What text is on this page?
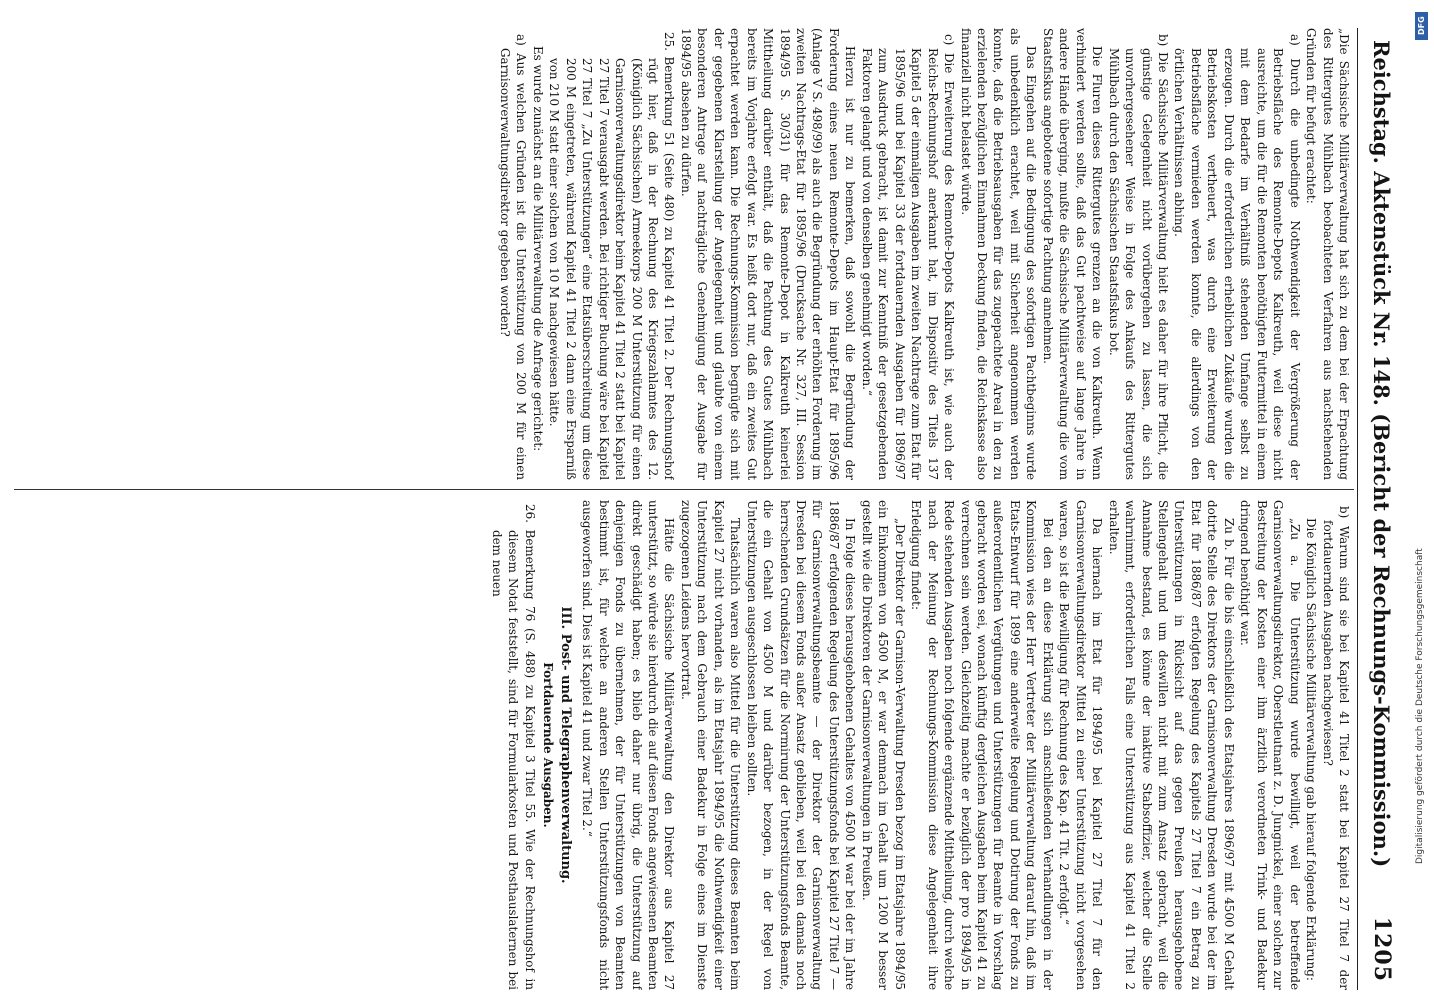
Reichstag. Aktenstück Nr. 148. (Bericht der Rechnungs-Kommission.)
1205

„Die Sächsische Militärverwaltung hat sich zu dem bei der Erpachtung des Rittergutes Mühlbach beobachteten Verfahren aus nachstehenden Gründen für befugt erachtet:

a) Durch die unbedingte Nothwendigkeit der Vergrößerung der Betriebsfläche des Remonte-Depots Kalkreuth, weil diese nicht ausreichte, um die für die Remonten benöthigten Futtermittel in einem mit dem Bedarfe im Verhältniß stehenden Umfange selbst zu erzeugen. Durch die erforderlichen erheblichen Zukäufe wurden die Betriebskosten vertheuert, was durch eine Erweiterung der Betriebsfläche vermieden werden konnte, die allerdings von den örtlichen Verhältnissen abhing.

b) Die Sächsische Militärverwaltung hielt es daher für ihre Pflicht, die günstige Gelegenheit nicht vorübergehen zu lassen, die sich unvorhergesehener Weise in Folge des Ankaufs des Rittergutes Mühlbach durch den Sächsischen Staatsfiskus bot.

Die Fluren dieses Rittergutes grenzen an die von Kalkreuth. Wenn verhindert werden sollte, daß das Gut pachtweise auf lange Jahre in andere Hände überging, mußte die Sächsische Militärverwaltung die vom Staatsfiskus angebotene sofortige Pachtung annehmen.

Das Eingehen auf die Bedingung des sofortigen Pachtbeginns wurde als unbedenklich erachtet, weil mit Sicherheit angenommen werden konnte, daß die Betriebsausgaben für das zugepachtete Areal in den zu erzielenden bezüglichen Einnahmen Deckung finden, die Reichskasse also finanziell nicht belastet würde.

c) Die Erweiterung des Remonte-Depots Kalkreuth ist, wie auch der Reichs-Rechnungshof anerkannt hat, im Dispositiv des Titels 137 Kapitel 5 der einmaligen Ausgaben im zweiten Nachtrage zum Etat für 1895/96 und bei Kapitel 33 der fortdauernden Ausgaben für 1896/97 zum Ausdruck gebracht, ist damit zur Kenntniß der gesetzgebenden Faktoren gelangt und von denselben genehmigt worden.“

Hierzu ist nur zu bemerken, daß sowohl die Begründung der Forderung eines neuen Remonte-Depots im Haupt-Etat für 1895/96 (Anlage V S. 498/99) als auch die Begründung der erhöhten Forderung im zweiten Nachtrags-Etat für 1895/96 (Drucksache Nr. 327, III. Session 1894/95 S. 30/31) für das Remonte-Depot in Kalkreuth keinerlei Mittheilung darüber enthält, daß die Pachtung des Gutes Mühlbach bereits im Vorjahre erfolgt war. Es heißt dort nur, daß ein zweites Gut erpachtet werden kann. Die Rechnungs-Kommission begnügte sich mit der gegebenen Klarstellung der Angelegenheit und glaubte von einem besonderen Antrage auf nachträgliche Genehmigung der Ausgabe für 1894/95 absehen zu dürfen.

25. Bemerkung 51 (Seite 480) zu Kapitel 41 Titel 2. Der Rechnungshof rügt hier, daß in der Rechnung des Kriegszahlamtes des 12. (Königlich Sächsischen) Armeekorps 200 M Unterstützung für einen Garnisonverwaltungsdirektor beim Kapitel 41 Titel 2 statt bei Kapitel 27 Titel 7 verausgabt werden. Bei richtiger Buchung wäre bei Kapitel 27 Titel 7 „Zu Unterstützungen“ eine Etatsüberschreitung um diese 200 M eingetreten, während Kapitel 41 Titel 2 dann eine Ersparniß von 210 M statt einer solchen von 10 M nachgewiesen hätte.

Es wurde zunächst an die Militärverwaltung die Anfrage gerichtet:

a) Aus welchen Gründen ist die Unterstützung von 200 M für einen Garnisonverwaltungsdirektor gegeben worden?

b) Warum sind sie bei Kapitel 41 Titel 2 statt bei Kapitel 27 Titel 7 der fortdauernden Ausgaben nachgewiesen?

Die Königlich Sächsische Militärverwaltung gab hierauf folgende Erklärung:

„Zu a. Die Unterstützung wurde bewilligt, weil der betreffende Garnisonverwaltungsdirektor, Oberstleutnant z. D. Jungnickel, einer solchen zur Bestreitung der Kosten einer ihm ärztlich verordneten Trink- und Badekur dringend benöthigt war.

Zu b. Für die bis einschließlich des Etatsjahres 1896/97 mit 4500 M Gehalt dotirte Stelle des Direktors der Garnisonverwaltung Dresden wurde bei der im Etat für 1886/87 erfolgten Regelung des Kapitels 27 Titel 7 ein Betrag zu Unterstützungen in Rücksicht auf das gegen Preußen herausgehobene Stellengehalt und um deswillen nicht mit zum Ansatz gebracht, weil die Annahme bestand, es könne der inaktive Stabsoffizier, welcher die Stelle wahrnimmt, erforderlichen Falls eine Unterstützung aus Kapitel 41 Titel 2 erhalten.

Da hiernach im Etat für 1894/95 bei Kapitel 27 Titel 7 für den Garnisonverwaltungsdirektor Mittel zu einer Unterstützung nicht vorgesehen waren, so ist die Bewilligung für Rechnung des Kap. 41 Tit. 2 erfolgt.“

Bei den an diese Erklärung sich anschließenden Verhandlungen in der Kommission wies der Herr Vertreter der Militärverwaltung darauf hin, daß im Etats-Entwurf für 1899 eine anderweite Regelung und Dotirung der Fonds zu außerordentlichen Vergütungen und Unterstützungen für Beamte in Vorschlag gebracht worden sei, wonach künftig dergleichen Ausgaben beim Kapitel 41 zu verrechnen sein werden. Gleichzeitig machte er bezüglich der pro 1894/95 in Rede stehenden Ausgaben noch folgende ergänzende Mittheilung, durch welche nach der Meinung der Rechnungs-Kommission diese Angelegenheit ihre Erledigung findet:

„Der Direktor der Garnison-Verwaltung Dresden bezog im Etatsjahre 1894/95 ein Einkommen von 4500 M, er war demnach im Gehalt um 1200 M besser gestellt wie die Direktoren der Garnisonverwaltungen in Preußen.

In Folge dieses herausgehobenen Gehaltes von 4500 M war bei der im Jahre 1886/87 erfolgenden Regelung des Unterstützungsfonds bei Kapitel 27 Titel 7 — für Garnisonverwaltungsbeamte — der Direktor der Garnisonverwaltung Dresden bei diesem Fonds außer Ansatz geblieben, weil bei den damals noch herrschenden Grundsätzen für die Normirung der Unterstützungsfonds Beamte, die ein Gehalt von 4500 M und darüber bezogen, in der Regel von Unterstützungen ausgeschlossen bleiben sollten.

Thatsächlich waren also Mittel für die Unterstützung dieses Beamten beim Kapitel 27 nicht vorhanden, als im Etatsjahr 1894/95 die Nothwendigkeit einer Unterstützung nach dem Gebrauch einer Badekur in Folge eines im Dienste zugezogenen Leidens hervortrat.

Hätte die Sächsische Militärverwaltung den Direktor aus Kapitel 27 unterstützt, so würde sie hierdurch die auf diesen Fonds angewiesenen Beamten direkt geschädigt haben; es blieb daher nur übrig, die Unterstützung auf denjenigen Fonds zu übernehmen, der für Unterstützungen von Beamten bestimmt ist, für welche an anderen Stellen Unterstützungsfonds nicht ausgeworfen sind. Dies ist Kapitel 41 und zwar Titel 2.“

III. Post- und Telegraphenverwaltung.

Fortdauernde Ausgaben.

26. Bemerkung 76 (S. 488) zu Kapitel 3 Titel 55. Wie der Rechnungshof in diesem Notat feststellt, sind für Formularkosten und Posthauslaternen bei dem neuen

DFG
Digitalisierung gefördert durch die Deutsche Forschungsgemeinschaft
